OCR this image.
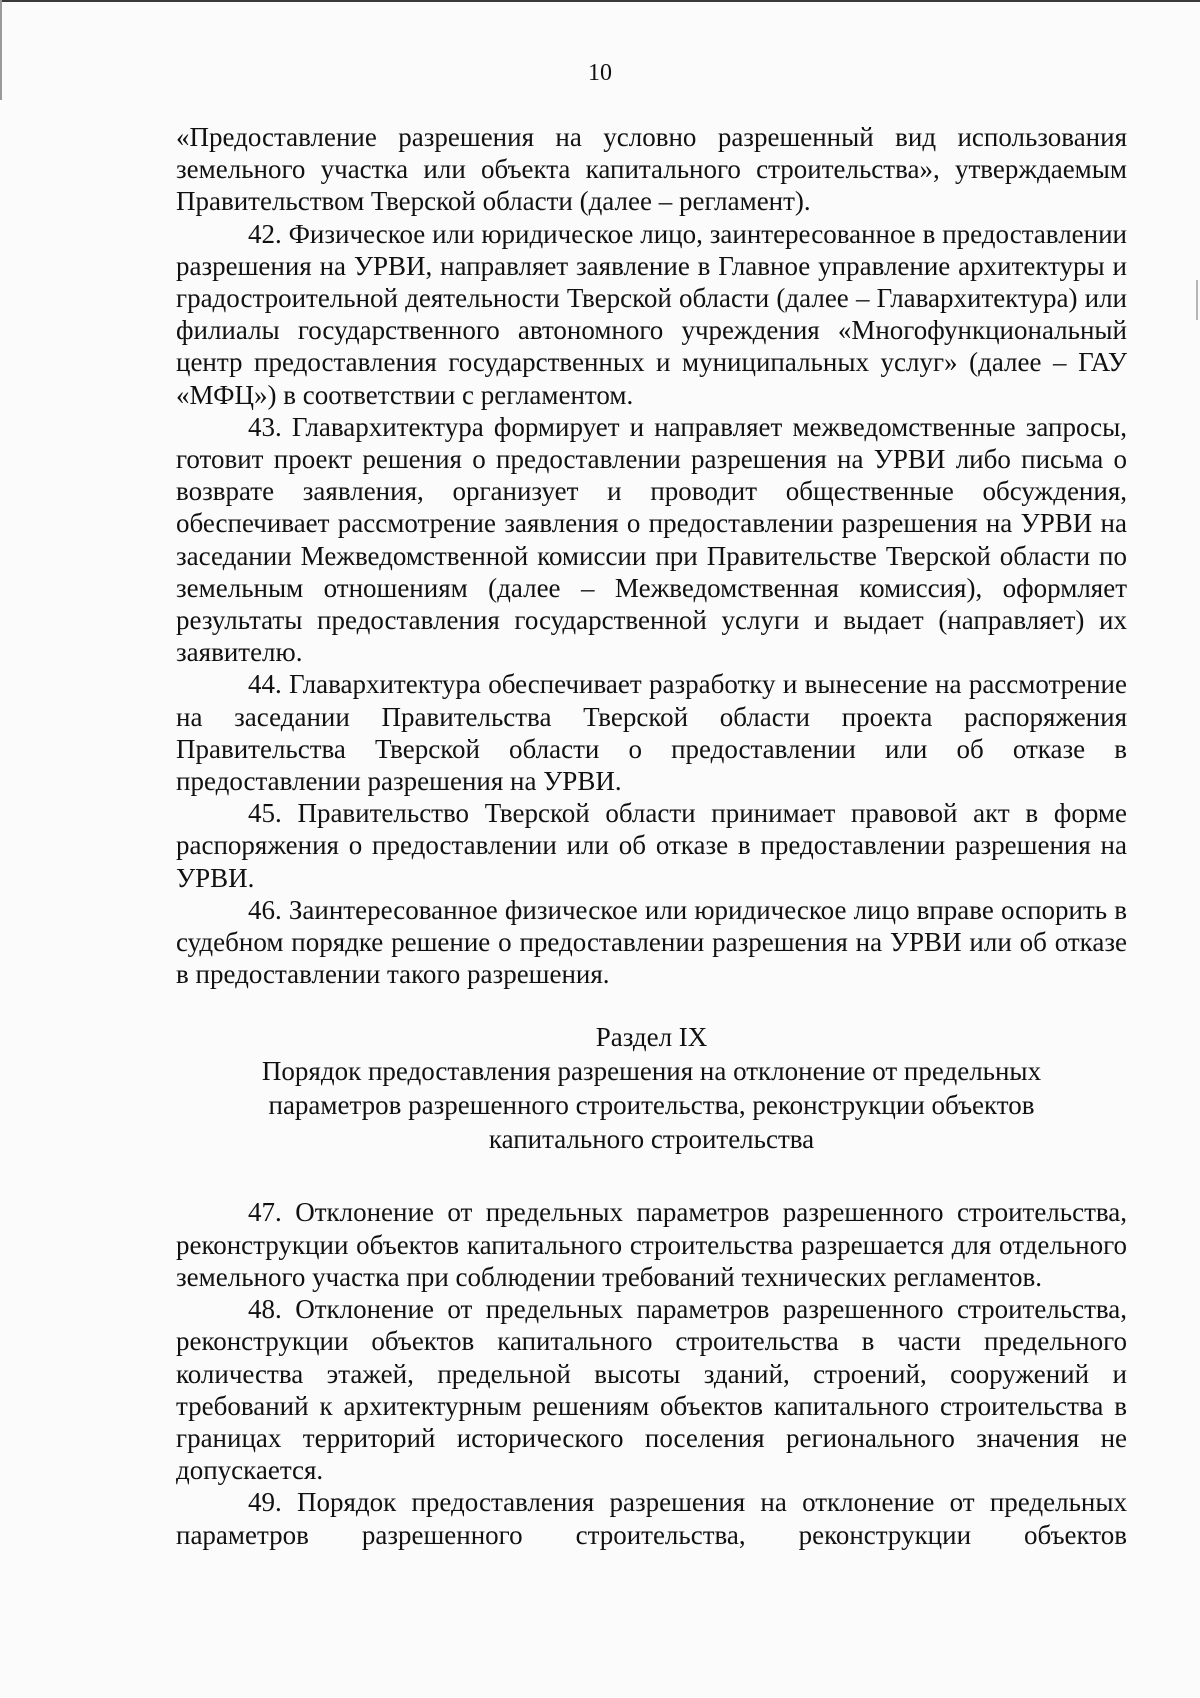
10

«Предоставление разрешения на условно разрешенный вид использования земельного участка или объекта капитального строительства», утверждаемым Правительством Тверской области (далее – регламент).

42. Физическое или юридическое лицо, заинтересованное в предоставлении разрешения на УРВИ, направляет заявление в Главное управление архитектуры и градостроительной деятельности Тверской области (далее – Главархитектура) или филиалы государственного автономного учреждения «Многофункциональный центр предоставления государственных и муниципальных услуг» (далее – ГАУ «МФЦ») в соответствии с регламентом.

43. Главархитектура формирует и направляет межведомственные запросы, готовит проект решения о предоставлении разрешения на УРВИ либо письма о возврате заявления, организует и проводит общественные обсуждения, обеспечивает рассмотрение заявления о предоставлении разрешения на УРВИ на заседании Межведомственной комиссии при Правительстве Тверской области по земельным отношениям (далее – Межведомственная комиссия), оформляет результаты предоставления государственной услуги и выдает (направляет) их заявителю.

44. Главархитектура обеспечивает разработку и вынесение на рассмотрение на заседании Правительства Тверской области проекта распоряжения Правительства Тверской области о предоставлении или об отказе в предоставлении разрешения на УРВИ.

45. Правительство Тверской области принимает правовой акт в форме распоряжения о предоставлении или об отказе в предоставлении разрешения на УРВИ.

46. Заинтересованное физическое или юридическое лицо вправе оспорить в судебном порядке решение о предоставлении разрешения на УРВИ или об отказе в предоставлении такого разрешения.

Раздел IX

Порядок предоставления разрешения на отклонение от предельных параметров разрешенного строительства, реконструкции объектов капитального строительства

47. Отклонение от предельных параметров разрешенного строительства, реконструкции объектов капитального строительства разрешается для отдельного земельного участка при соблюдении требований технических регламентов.

48. Отклонение от предельных параметров разрешенного строительства, реконструкции объектов капитального строительства в части предельного количества этажей, предельной высоты зданий, строений, сооружений и требований к архитектурным решениям объектов капитального строительства в границах территорий исторического поселения регионального значения не допускается.

49. Порядок предоставления разрешения на отклонение от предельных параметров разрешенного строительства, реконструкции объектов
